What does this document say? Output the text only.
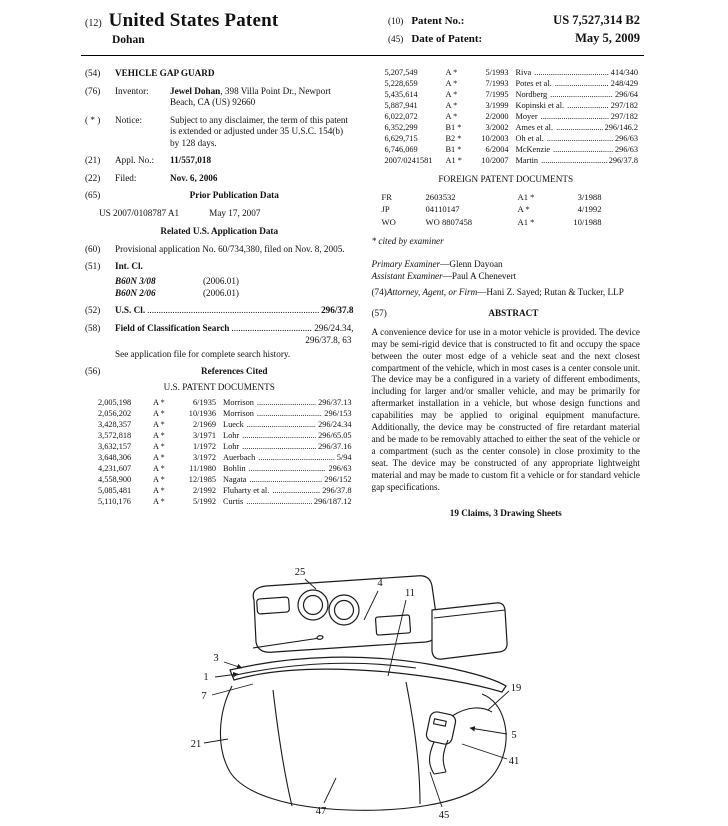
(12) United States Patent
Dohan
(10) Patent No.:	US 7,527,314 B2
(45) Date of Patent:	May 5, 2009
(54)	VEHICLE GAP GUARD
(76)	Inventor:	Jewel Dohan, 398 Villa Point Dr., Newport Beach, CA (US) 92660
( * )	Notice:	Subject to any disclaimer, the term of this patent is extended or adjusted under 35 U.S.C. 154(b) by 128 days.
(21)	Appl. No.:	11/557,018
(22)	Filed:	Nov. 6, 2006
(65)	Prior Publication Data
US 2007/0108787 A1	May 17, 2007
Related U.S. Application Data
(60)	Provisional application No. 60/734,380, filed on Nov. 8, 2005.
(51)	Int. Cl.
B60N 3/08	(2006.01)
B60N 2/06	(2006.01)
(52)	U.S. Cl. .....	296/37.8
(58)	Field of Classification Search .....	296/24.34,
296/37.8, 63
See application file for complete search history.
(56)	References Cited
U.S. PATENT DOCUMENTS
2,005,198	A *	6/1935 Morrison .....	296/37.13
2,056,202	A *	10/1936 Morrison .....	296/153
3,428,357	A *	2/1969 Lueck .....	296/24.34
3,572,818	A *	3/1971 Lohr .....	296/65.05
3,632,157	A *	1/1972 Lohr .....	296/37.16
3,648,306	A *	3/1972 Auerbach .....	5/94
4,231,607	A *	11/1980 Bohlin .....	296/63
4,558,900	A *	12/1985 Nagata .....	296/152
5,085,481	A *	2/1992 Fluharty et al. .....	296/37.8
5,110,176	A *	5/1992 Curtis .....	296/187.12
5,207,549	A *	5/1993 Riva .....	414/340
5,228,659	A *	7/1993 Potes et al. .....	248/429
5,435,614	A *	7/1995 Nordberg .....	296/64
5,887,941	A *	3/1999 Kopinski et al. .....	297/182
6,022,072	A *	2/2000 Moyer .....	297/182
6,352,299	B1 *	3/2002 Ames et al. .....	296/146.2
6,629,715	B2 *	10/2003 Oh et al. .....	296/63
6,746,069	B1 *	6/2004 McKenzie .....	296/63
2007/0241581	A1 *	10/2007 Martin .....	296/37.8
FOREIGN PATENT DOCUMENTS
FR	2603532	A1 *	3/1988
JP	04110147	A *	4/1992
WO	WO 8807458	A1 *	10/1988
* cited by examiner
Primary Examiner—Glenn Dayoan
Assistant Examiner—Paul A Chenevert
(74) Attorney, Agent, or Firm—Hani Z. Sayed; Rutan & Tucker, LLP
(57)	ABSTRACT
A convenience device for use in a motor vehicle is provided. The device may be semi-rigid device that is constructed to fit and occupy the space between the outer most edge of a vehicle seat and the next closest compartment of the vehicle, which in most cases is a center console unit. The device may be a configured in a variety of different embodiments, including for larger and/or smaller vehicle, and may be primarily for aftermarket installation in a vehicle, but whose design functions and capabilities may be applied to original equipment manufacture. Additionally, the device may be constructed of fire retardant material and be made to be removably attached to either the seat of the vehicle or a compartment (such as the center console) in close proximity to the seat. The device may be constructed of any appropriate lightweight material and may be made to custom fit a vehicle or for standard vehicle gap specifications.
19 Claims, 3 Drawing Sheets
25
4
11
3
1
7
19
21
5
41
47	45
